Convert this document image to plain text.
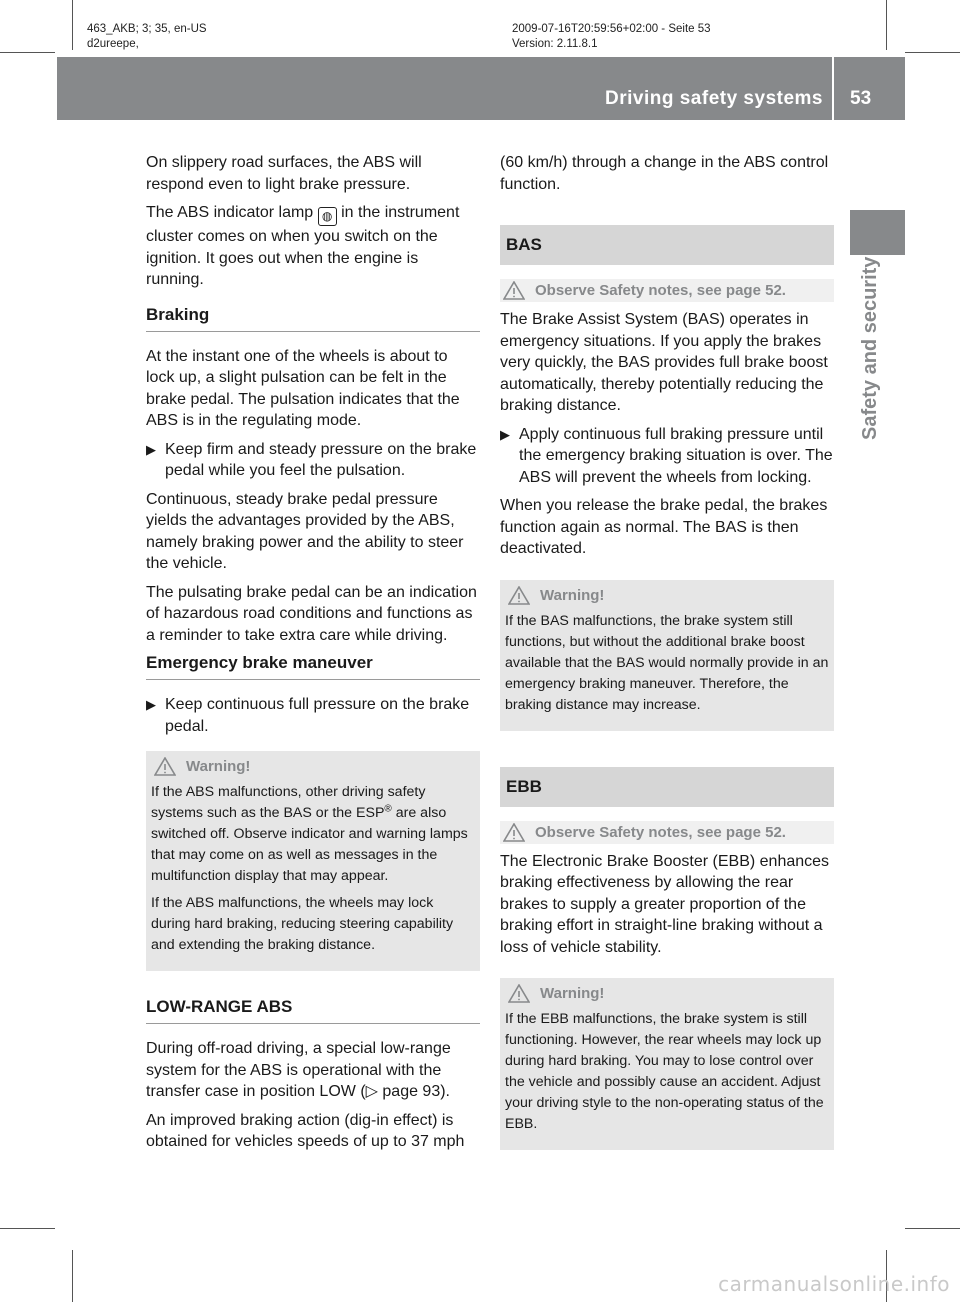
463_AKB; 3; 35, en-US
d2ureepe,
2009-07-16T20:59:56+02:00 - Seite 53
Version: 2.11.8.1
Driving safety systems 53
Safety and security

On slippery road surfaces, the ABS will respond even to light brake pressure.

The ABS indicator lamp ◍ in the instrument cluster comes on when you switch on the ignition. It goes out when the engine is running.

Braking

At the instant one of the wheels is about to lock up, a slight pulsation can be felt in the brake pedal. The pulsation indicates that the ABS is in the regulating mode.

▶ Keep firm and steady pressure on the brake pedal while you feel the pulsation.

Continuous, steady brake pedal pressure yields the advantages provided by the ABS, namely braking power and the ability to steer the vehicle.

The pulsating brake pedal can be an indication of hazardous road conditions and functions as a reminder to take extra care while driving.

Emergency brake maneuver
▶ Keep continuous full pressure on the brake pedal.
Warning!

If the ABS malfunctions, other driving safety systems such as the BAS or the ESP® are also switched off. Observe indicator and warning lamps that may come on as well as messages in the multifunction display that may appear.

If the ABS malfunctions, the wheels may lock during hard braking, reducing steering capability and extending the braking distance.

LOW-RANGE ABS

During off-road driving, a special low-range system for the ABS is operational with the transfer case in position LOW (▷ page 93).

An improved braking action (dig-in effect) is obtained for vehicles speeds of up to 37 mph

(60 km/h) through a change in the ABS control function.

BAS
Observe Safety notes, see page 52.

The Brake Assist System (BAS) operates in emergency situations. If you apply the brakes very quickly, the BAS provides full brake boost automatically, thereby potentially reducing the braking distance.

▶ Apply continuous full braking pressure until the emergency braking situation is over. The ABS will prevent the wheels from locking.

When you release the brake pedal, the brakes function again as normal. The BAS is then deactivated.

Warning!

If the BAS malfunctions, the brake system still functions, but without the additional brake boost available that the BAS would normally provide in an emergency braking maneuver. Therefore, the braking distance may increase.

EBB
Observe Safety notes, see page 52.

The Electronic Brake Booster (EBB) enhances braking effectiveness by allowing the rear brakes to supply a greater proportion of the braking effort in straight-line braking without a loss of vehicle stability.

Warning!

If the EBB malfunctions, the brake system is still functioning. However, the rear wheels may lock up during hard braking. You may to lose control over the vehicle and possibly cause an accident. Adjust your driving style to the non-operating status of the EBB.

carmanualsonline.info
